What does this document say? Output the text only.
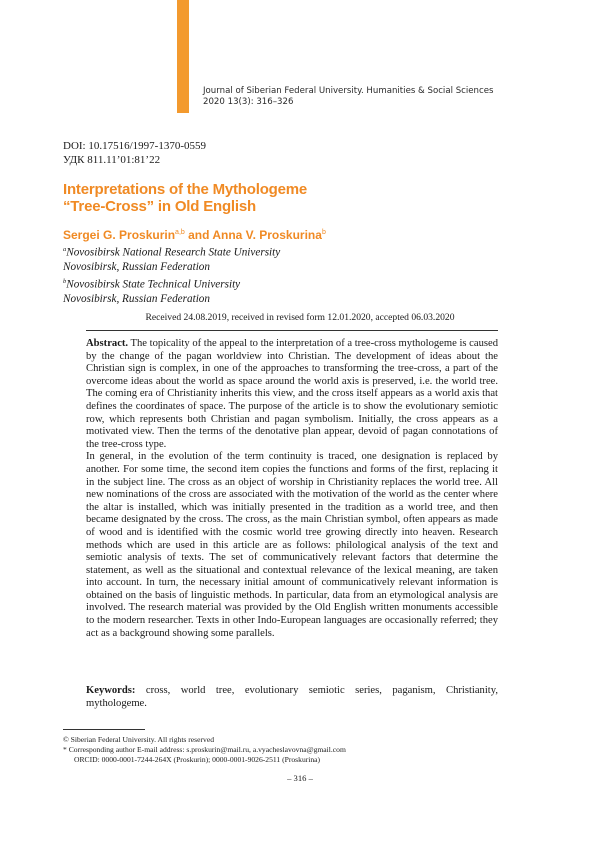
Journal of Siberian Federal University. Humanities & Social Sciences
2020 13(3): 316–326
DOI: 10.17516/1997-1370-0559
УДК 811.11’01:81’22
Interpretations of the Mythologeme
“Tree-Cross” in Old English
Sergei G. Proskurin$^{a,b}$ and Anna V. Proskurina$^b$
$^a$Novosibirsk National Research State University
Novosibirsk, Russian Federation
$^b$Novosibirsk State Technical University
Novosibirsk, Russian Federation
Received 24.08.2019, received in revised form 12.01.2020, accepted 06.03.2020

Abstract. The topicality of the appeal to the interpretation of a tree-cross mythologeme is caused by the change of the pagan worldview into Christian. The development of ideas about the Christian sign is complex, in one of the approaches to transforming the tree-cross, a part of the overcome ideas about the world as space around the world axis is preserved, i.e. the world tree. The coming era of Christianity inherits this view, and the cross itself appears as a world axis that defines the coordinates of space. The purpose of the article is to show the evolutionary semiotic row, which represents both Christian and pagan symbolism. Initially, the cross appears as a motivated view. Then the terms of the denotative plan appear, devoid of pagan connotations of the tree-cross type.

In general, in the evolution of the term continuity is traced, one designation is replaced by another. For some time, the second item copies the functions and forms of the first, replacing it in the subject line. The cross as an object of worship in Christianity replaces the world tree. All new nominations of the cross are associated with the motivation of the world as the center where the altar is installed, which was initially presented in the tradition as a world tree, and then became designated by the cross. The cross, as the main Christian symbol, often appears as made of wood and is identified with the cosmic world tree growing directly into heaven. Research methods which are used in this article are as follows: philological analysis of the text and semiotic analysis of texts. The set of communicatively relevant factors that determine the statement, as well as the situational and contextual relevance of the lexical meaning, are taken into account. In turn, the necessary initial amount of communicatively relevant information is obtained on the basis of linguistic methods. In particular, data from an etymological analysis are involved. The research material was provided by the Old English written monuments accessible to the modern researcher. Texts in other Indo-European languages are occasionally referred; they act as a background showing some parallels.

Keywords: cross, world tree, evolutionary semiotic series, paganism, Christianity, mythologeme.
© Siberian Federal University. All rights reserved
* Corresponding author E-mail address: s.proskurin@mail.ru, a.vyacheslavovna@gmail.com
ORCID: 0000-0001-7244-264X (Proskurin); 0000-0001-9026-2511 (Proskurina)
– 316 –
